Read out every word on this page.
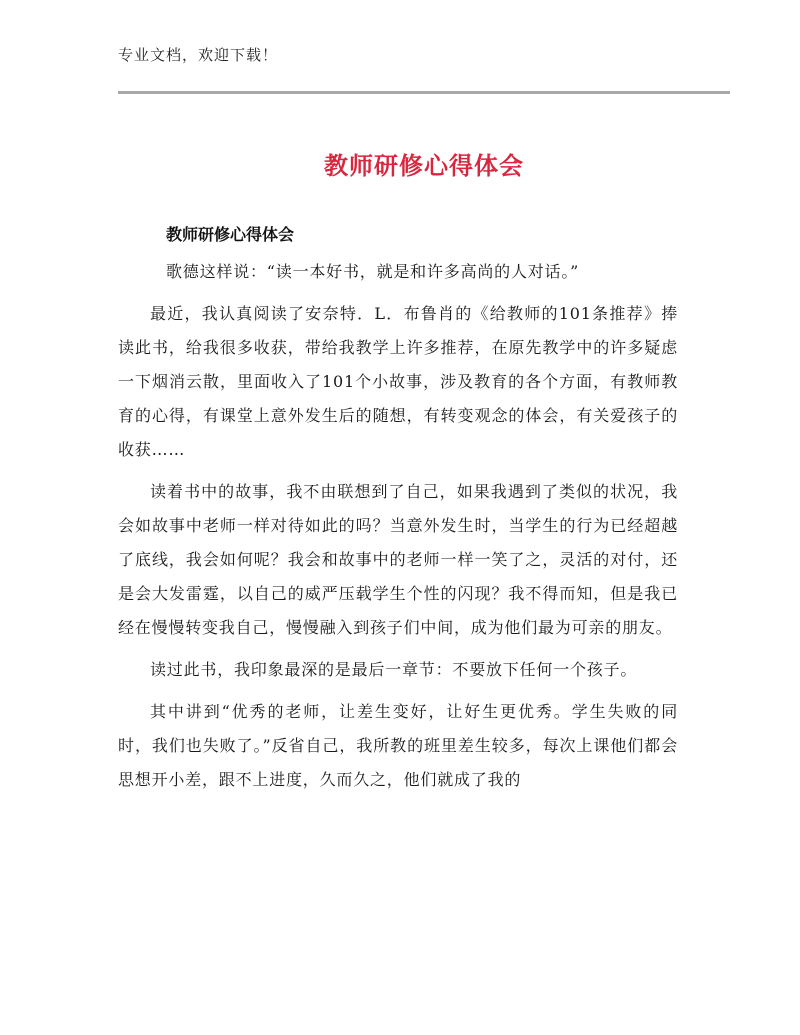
专业文档，欢迎下载！
教师研修心得体会
教师研修心得体会

歌德这样说：“读一本好书，就是和许多高尚的人对话。”

最近，我认真阅读了安奈特．L．布鲁肖的《给教师的101条推荐》捧读此书，给我很多收获，带给我教学上许多推荐，在原先教学中的许多疑虑一下烟消云散，里面收入了101个小故事，涉及教育的各个方面，有教师教育的心得，有课堂上意外发生后的随想，有转变观念的体会，有关爱孩子的收获……

读着书中的故事，我不由联想到了自己，如果我遇到了类似的状况，我会如故事中老师一样对待如此的吗？当意外发生时，当学生的行为已经超越了底线，我会如何呢？我会和故事中的老师一样一笑了之，灵活的对付，还是会大发雷霆，以自己的威严压载学生个性的闪现？我不得而知，但是我已经在慢慢转变我自己，慢慢融入到孩子们中间，成为他们最为可亲的朋友。

读过此书，我印象最深的是最后一章节：不要放下任何一个孩子。

其中讲到“优秀的老师，让差生变好，让好生更优秀。学生失败的同时，我们也失败了。”反省自己，我所教的班里差生较多，每次上课他们都会思想开小差，跟不上进度，久而久之，他们就成了我的
